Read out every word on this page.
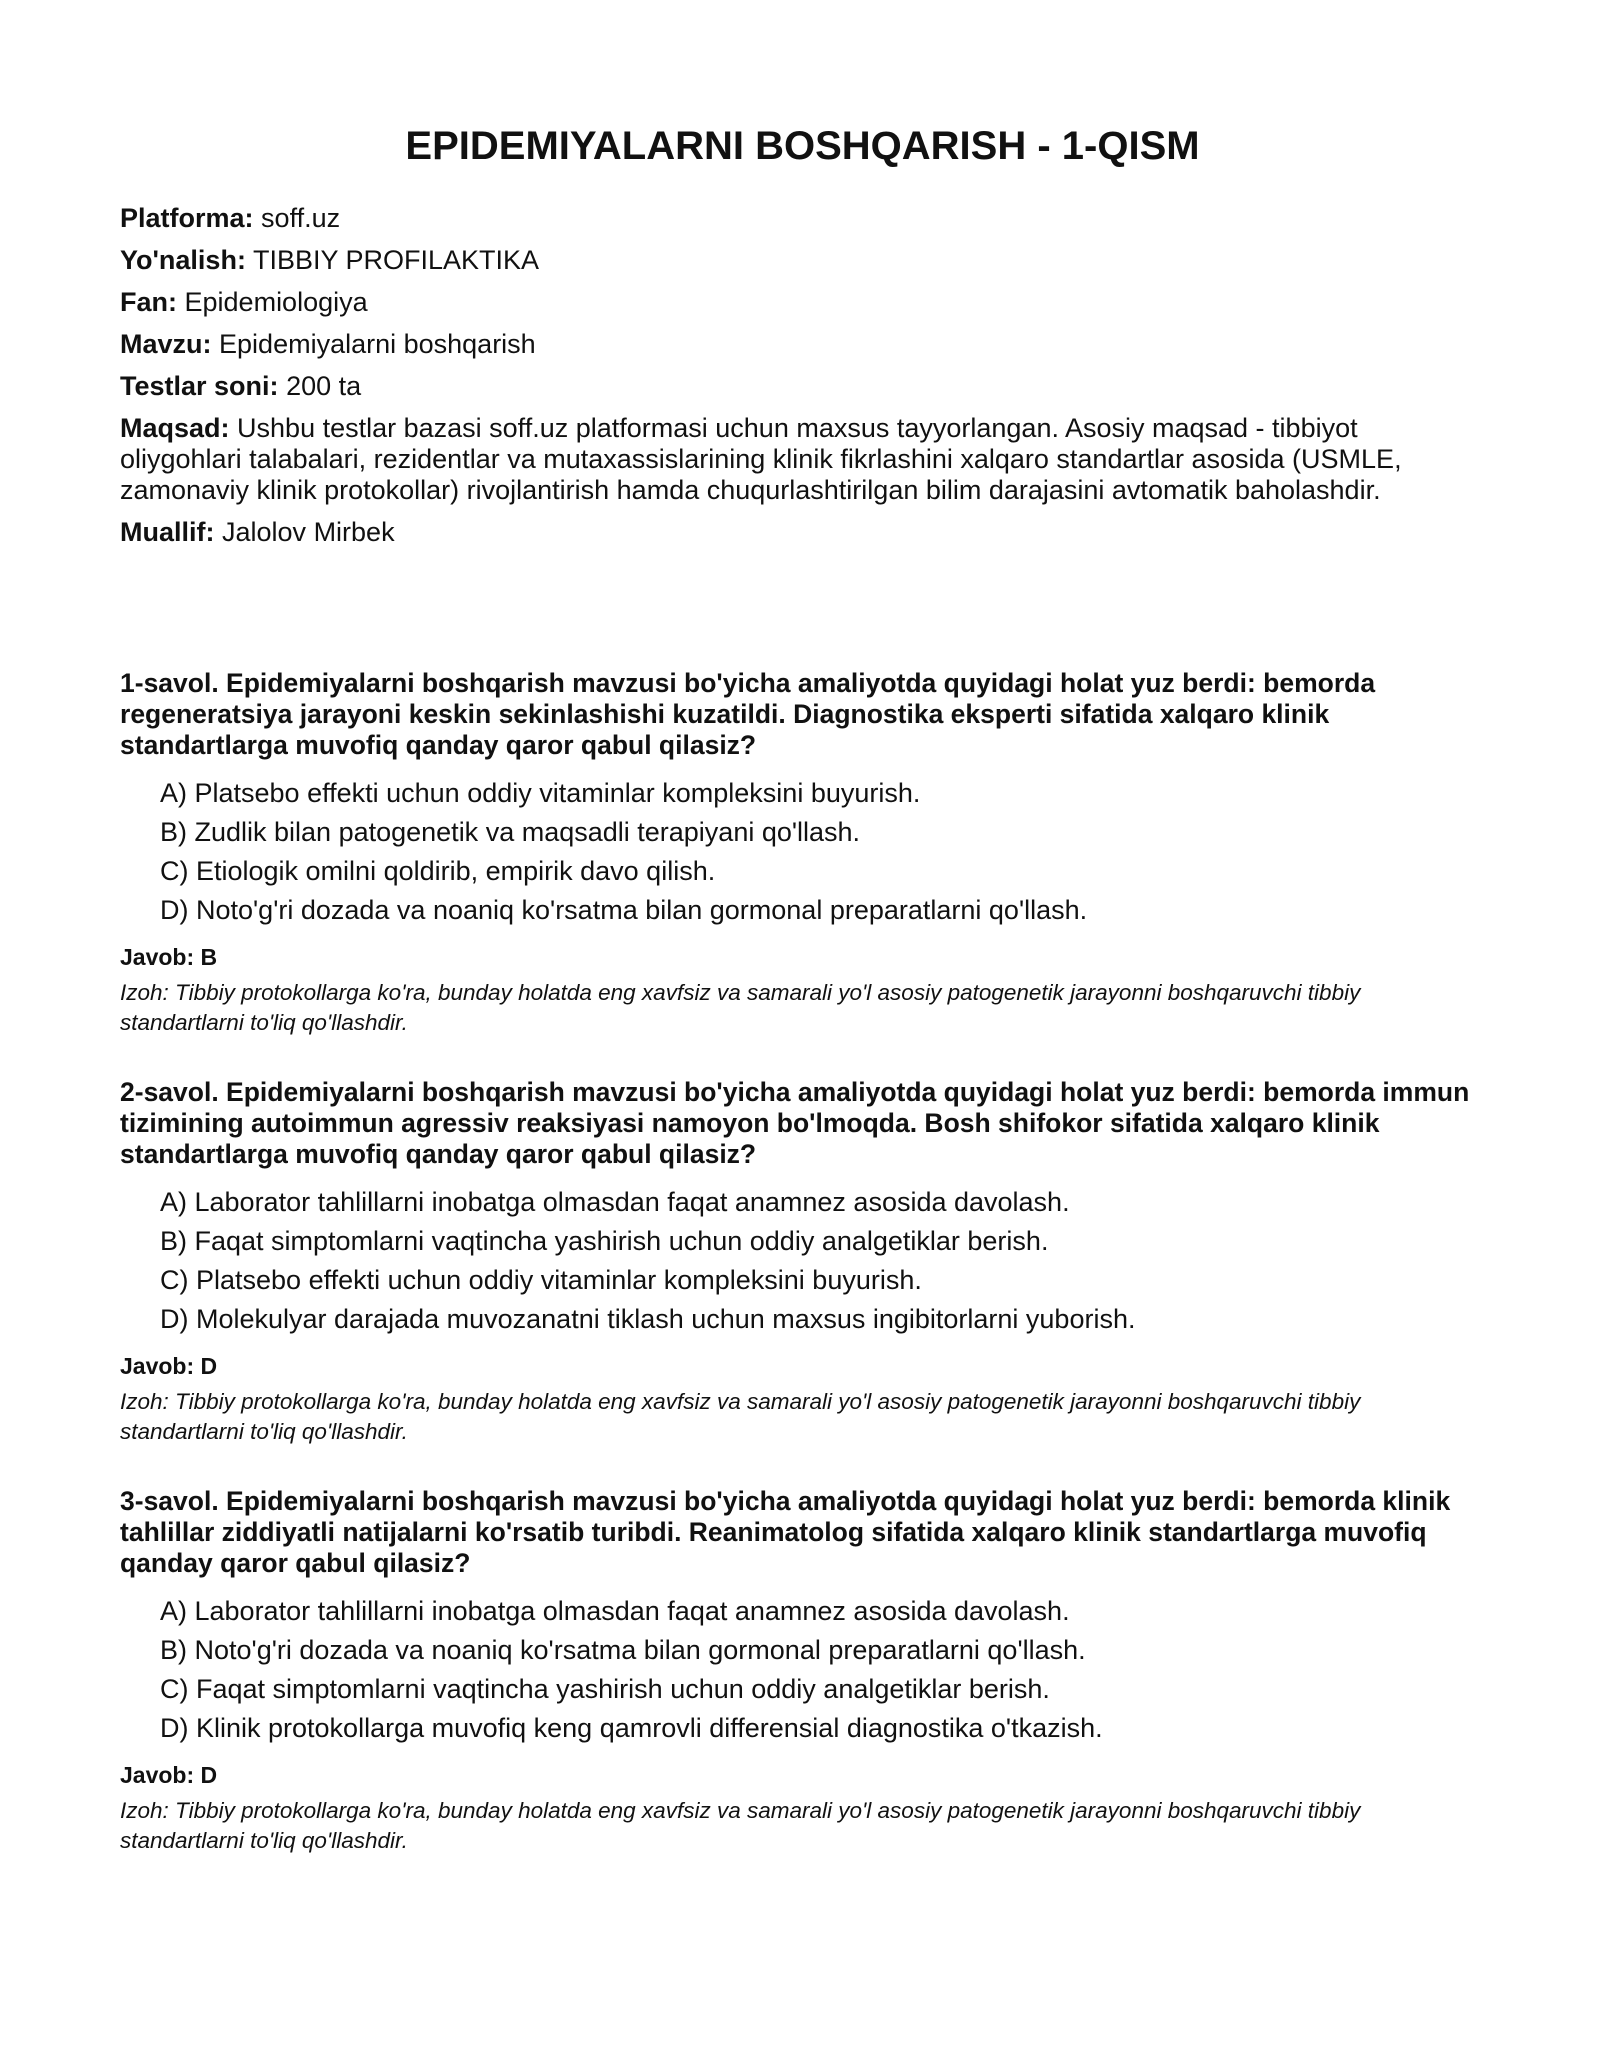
EPIDEMIYALARNI BOSHQARISH - 1-QISM
Platforma: soff.uz
Yo'nalish: TIBBIY PROFILAKTIKA
Fan: Epidemiologiya
Mavzu: Epidemiyalarni boshqarish
Testlar soni: 200 ta
Maqsad: Ushbu testlar bazasi soff.uz platformasi uchun maxsus tayyorlangan. Asosiy maqsad - tibbiyot oliygohlari talabalari, rezidentlar va mutaxassislarining klinik fikrlashini xalqaro standartlar asosida (USMLE, zamonaviy klinik protokollar) rivojlantirish hamda chuqurlashtirilgan bilim darajasini avtomatik baholashdir.
Muallif: Jalolov Mirbek

1-savol. Epidemiyalarni boshqarish mavzusi bo'yicha amaliyotda quyidagi holat yuz berdi: bemorda regeneratsiya jarayoni keskin sekinlashishi kuzatildi. Diagnostika eksperti sifatida xalqaro klinik standartlarga muvofiq qanday qaror qabul qilasiz?

A) Platsebo effekti uchun oddiy vitaminlar kompleksini buyurish.
B) Zudlik bilan patogenetik va maqsadli terapiyani qo'llash.
C) Etiologik omilni qoldirib, empirik davo qilish.
D) Noto'g'ri dozada va noaniq ko'rsatma bilan gormonal preparatlarni qo'llash.
Javob: B
Izoh: Tibbiy protokollarga ko'ra, bunday holatda eng xavfsiz va samarali yo'l asosiy patogenetik jarayonni boshqaruvchi tibbiy standartlarni to'liq qo'llashdir.

2-savol. Epidemiyalarni boshqarish mavzusi bo'yicha amaliyotda quyidagi holat yuz berdi: bemorda immun tizimining autoimmun agressiv reaksiyasi namoyon bo'lmoqda. Bosh shifokor sifatida xalqaro klinik standartlarga muvofiq qanday qaror qabul qilasiz?

A) Laborator tahlillarni inobatga olmasdan faqat anamnez asosida davolash.
B) Faqat simptomlarni vaqtincha yashirish uchun oddiy analgetiklar berish.
C) Platsebo effekti uchun oddiy vitaminlar kompleksini buyurish.
D) Molekulyar darajada muvozanatni tiklash uchun maxsus ingibitorlarni yuborish.
Javob: D
Izoh: Tibbiy protokollarga ko'ra, bunday holatda eng xavfsiz va samarali yo'l asosiy patogenetik jarayonni boshqaruvchi tibbiy standartlarni to'liq qo'llashdir.

3-savol. Epidemiyalarni boshqarish mavzusi bo'yicha amaliyotda quyidagi holat yuz berdi: bemorda klinik tahlillar ziddiyatli natijalarni ko'rsatib turibdi. Reanimatolog sifatida xalqaro klinik standartlarga muvofiq qanday qaror qabul qilasiz?

A) Laborator tahlillarni inobatga olmasdan faqat anamnez asosida davolash.
B) Noto'g'ri dozada va noaniq ko'rsatma bilan gormonal preparatlarni qo'llash.
C) Faqat simptomlarni vaqtincha yashirish uchun oddiy analgetiklar berish.
D) Klinik protokollarga muvofiq keng qamrovli differensial diagnostika o'tkazish.
Javob: D
Izoh: Tibbiy protokollarga ko'ra, bunday holatda eng xavfsiz va samarali yo'l asosiy patogenetik jarayonni boshqaruvchi tibbiy standartlarni to'liq qo'llashdir.
